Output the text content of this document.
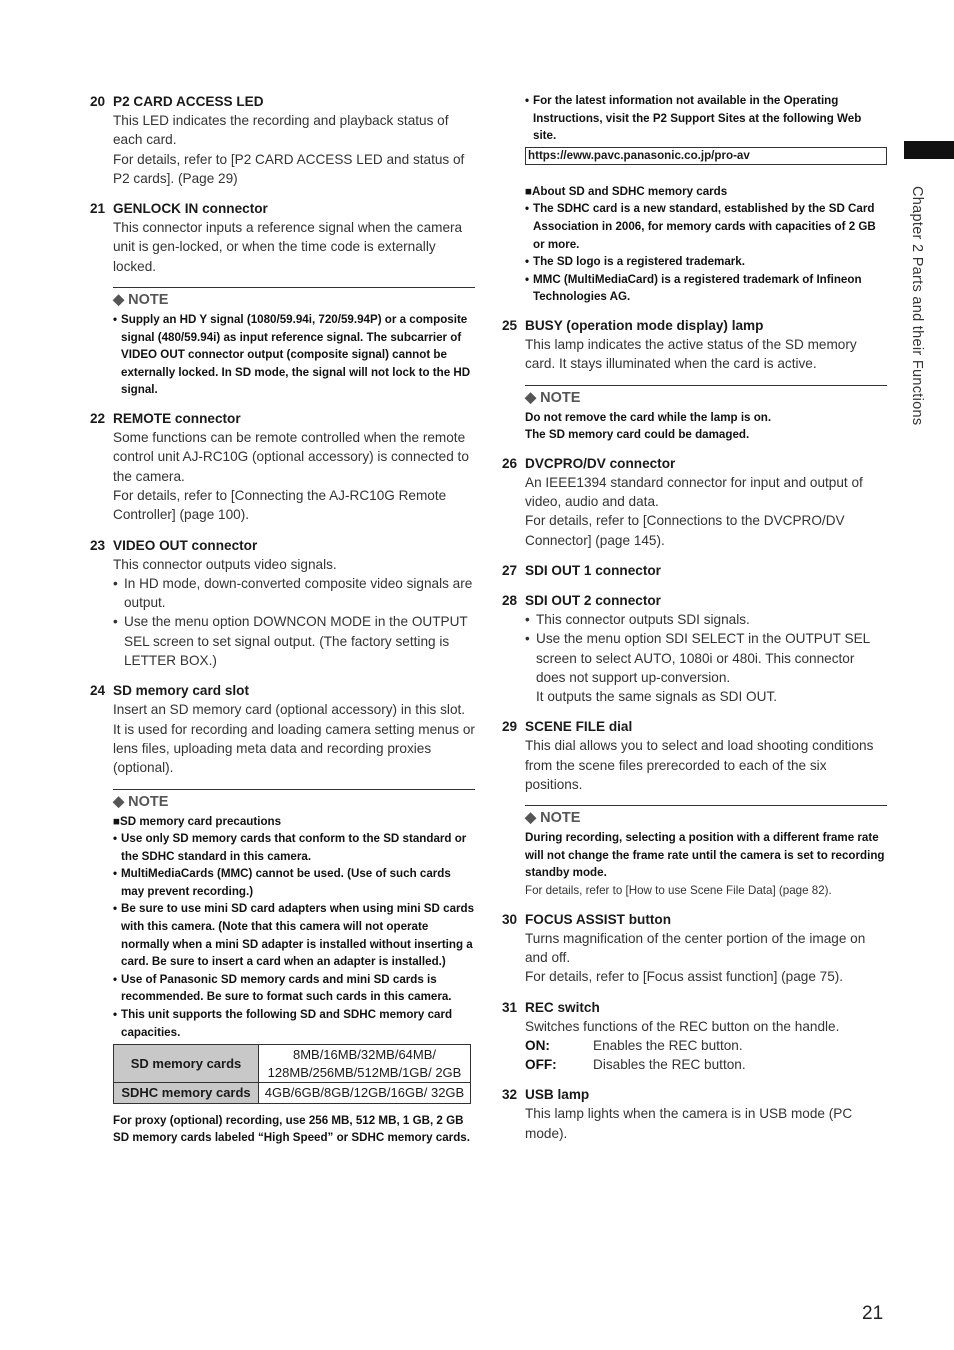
Chapter 2 Parts and their Functions
20 P2 CARD ACCESS LED

This LED indicates the recording and playback status of each card.

For details, refer to [P2 CARD ACCESS LED and status of P2 cards]. (Page 29)

21 GENLOCK IN connector

This connector inputs a reference signal when the camera unit is gen-locked, or when the time code is externally locked.

◆ NOTE
• Supply an HD Y signal (1080/59.94i, 720/59.94P) or a composite signal (480/59.94i) as input reference signal. The subcarrier of VIDEO OUT connector output (composite signal) cannot be externally locked. In SD mode, the signal will not lock to the HD signal.
22 REMOTE connector

Some functions can be remote controlled when the remote control unit AJ-RC10G (optional accessory) is connected to the camera.

For details, refer to [Connecting the AJ-RC10G Remote Controller] (page 100).

23 VIDEO OUT connector

This connector outputs video signals.

• In HD mode, down-converted composite video signals are output.
• Use the menu option DOWNCON MODE in the OUTPUT SEL screen to set signal output. (The factory setting is LETTER BOX.)
24 SD memory card slot

Insert an SD memory card (optional accessory) in this slot. It is used for recording and loading camera setting menus or lens files, uploading meta data and recording proxies (optional).

◆ NOTE
■SD memory card precautions
• Use only SD memory cards that conform to the SD standard or the SDHC standard in this camera.
• MultiMediaCards (MMC) cannot be used. (Use of such cards may prevent recording.)
• Be sure to use mini SD card adapters when using mini SD cards with this camera. (Note that this camera will not operate normally when a mini SD adapter is installed without inserting a card. Be sure to insert a card when an adapter is installed.)
• Use of Panasonic SD memory cards and mini SD cards is recommended. Be sure to format such cards in this camera.
• This unit supports the following SD and SDHC memory card capacities.
SD memory cards	8MB/16MB/32MB/64MB/ 128MB/256MB/512MB/1GB/ 2GB
SDHC memory cards	4GB/6GB/8GB/12GB/16GB/ 32GB
For proxy (optional) recording, use 256 MB, 512 MB, 1 GB, 2 GB SD memory cards labeled “High Speed” or SDHC memory cards.
• For the latest information not available in the Operating Instructions, visit the P2 Support Sites at the following Web site.
https://eww.pavc.panasonic.co.jp/pro-av
■About SD and SDHC memory cards
• The SDHC card is a new standard, established by the SD Card Association in 2006, for memory cards with capacities of 2 GB or more.
• The SD logo is a registered trademark.
• MMC (MultiMediaCard) is a registered trademark of Infineon Technologies AG.
25 BUSY (operation mode display) lamp

This lamp indicates the active status of the SD memory card. It stays illuminated when the card is active.

◆ NOTE
Do not remove the card while the lamp is on.
The SD memory card could be damaged.
26 DVCPRO/DV connector

An IEEE1394 standard connector for input and output of video, audio and data.

For details, refer to [Connections to the DVCPRO/DV Connector] (page 145).

27 SDI OUT 1 connector
28 SDI OUT 2 connector
• This connector outputs SDI signals.
• Use the menu option SDI SELECT in the OUTPUT SEL screen to select AUTO, 1080i or 480i. This connector does not support up-conversion.
It outputs the same signals as SDI OUT.
29 SCENE FILE dial

This dial allows you to select and load shooting conditions from the scene files prerecorded to each of the six positions.

◆ NOTE
During recording, selecting a position with a different frame rate will not change the frame rate until the camera is set to recording standby mode.
For details, refer to [How to use Scene File Data] (page 82).
30 FOCUS ASSIST button

Turns magnification of the center portion of the image on and off.

For details, refer to [Focus assist function] (page 75).

31 REC switch

Switches functions of the REC button on the handle.

ON:	Enables the REC button.
OFF:	Disables the REC button.
32 USB lamp

This lamp lights when the camera is in USB mode (PC mode).

21
